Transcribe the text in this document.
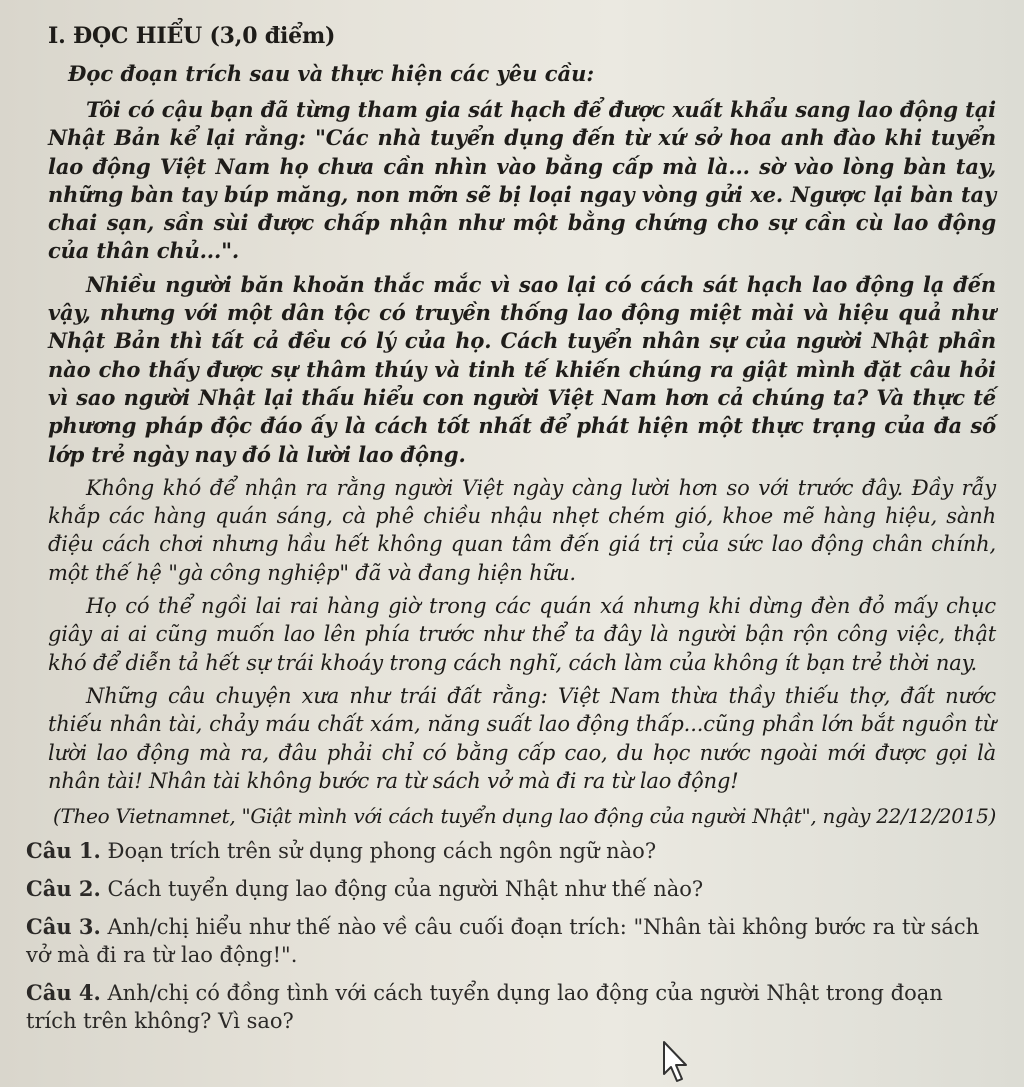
I. ĐỌC HIỂU (3,0 điểm)
Đọc đoạn trích sau và thực hiện các yêu cầu:

Tôi có cậu bạn đã từng tham gia sát hạch để được xuất khẩu sang lao động tại Nhật Bản kể lại rằng: "Các nhà tuyển dụng đến từ xứ sở hoa anh đào khi tuyển lao động Việt Nam họ chưa cần nhìn vào bằng cấp mà là... sờ vào lòng bàn tay, những bàn tay búp măng, non mỡn sẽ bị loại ngay vòng gửi xe. Ngược lại bàn tay chai sạn, sần sùi được chấp nhận như một bằng chứng cho sự cần cù lao động của thân chủ...".

Nhiều người băn khoăn thắc mắc vì sao lại có cách sát hạch lao động lạ đến vậy, nhưng với một dân tộc có truyền thống lao động miệt mài và hiệu quả như Nhật Bản thì tất cả đều có lý của họ. Cách tuyển nhân sự của người Nhật phần nào cho thấy được sự thâm thúy và tinh tế khiến chúng ra giật mình đặt câu hỏi vì sao người Nhật lại thấu hiểu con người Việt Nam hơn cả chúng ta? Và thực tế phương pháp độc đáo ấy là cách tốt nhất để phát hiện một thực trạng của đa số lớp trẻ ngày nay đó là lười lao động.

Không khó để nhận ra rằng người Việt ngày càng lười hơn so với trước đây. Đầy rẫy khắp các hàng quán sáng, cà phê chiều nhậu nhẹt chém gió, khoe mẽ hàng hiệu, sành điệu cách chơi nhưng hầu hết không quan tâm đến giá trị của sức lao động chân chính, một thế hệ "gà công nghiệp" đã và đang hiện hữu.

Họ có thể ngồi lai rai hàng giờ trong các quán xá nhưng khi dừng đèn đỏ mấy chục giây ai ai cũng muốn lao lên phía trước như thể ta đây là người bận rộn công việc, thật khó để diễn tả hết sự trái khoáy trong cách nghĩ, cách làm của không ít bạn trẻ thời nay.

Những câu chuyện xưa như trái đất rằng: Việt Nam thừa thầy thiếu thợ, đất nước thiếu nhân tài, chảy máu chất xám, năng suất lao động thấp...cũng phần lớn bắt nguồn từ lười lao động mà ra, đâu phải chỉ có bằng cấp cao, du học nước ngoài mới được gọi là nhân tài! Nhân tài không bước ra từ sách vở mà đi ra từ lao động!

(Theo Vietnamnet, "Giật mình với cách tuyển dụng lao động của người Nhật", ngày 22/12/2015)
Câu 1. Đoạn trích trên sử dụng phong cách ngôn ngữ nào?
Câu 2. Cách tuyển dụng lao động của người Nhật như thế nào?
Câu 3. Anh/chị hiểu như thế nào về câu cuối đoạn trích: "Nhân tài không bước ra từ sách vở mà đi ra từ lao động!".
Câu 4. Anh/chị có đồng tình với cách tuyển dụng lao động của người Nhật trong đoạn trích trên không? Vì sao?
